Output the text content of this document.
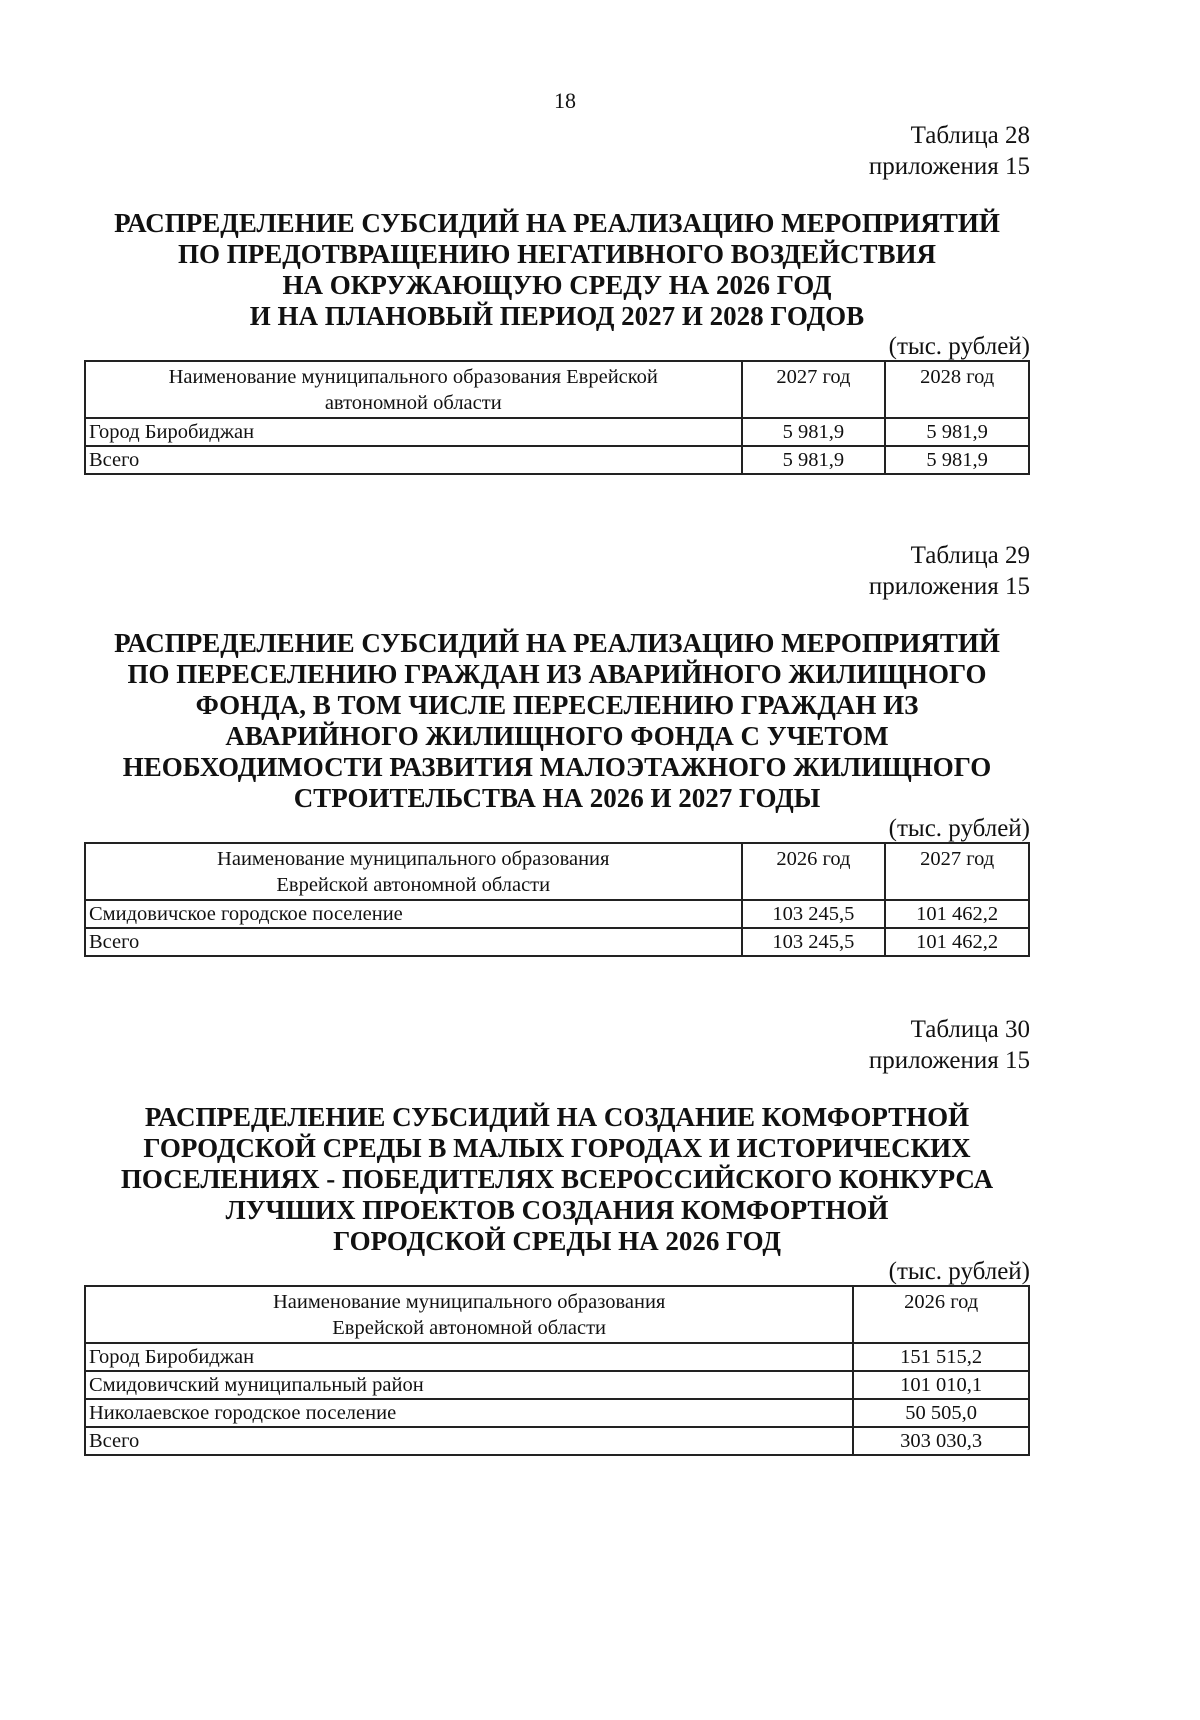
18
Таблица 28
приложения 15
РАСПРЕДЕЛЕНИЕ СУБСИДИЙ НА РЕАЛИЗАЦИЮ МЕРОПРИЯТИЙ
ПО ПРЕДОТВРАЩЕНИЮ НЕГАТИВНОГО ВОЗДЕЙСТВИЯ
НА ОКРУЖАЮЩУЮ СРЕДУ НА 2026 ГОД
И НА ПЛАНОВЫЙ ПЕРИОД 2027 И 2028 ГОДОВ
(тыс. рублей)
Наименование муниципального образования Еврейской
автономной области	2027 год	2028 год
Город Биробиджан	5 981,9	5 981,9
Всего	5 981,9	5 981,9
Таблица 29
приложения 15
РАСПРЕДЕЛЕНИЕ СУБСИДИЙ НА РЕАЛИЗАЦИЮ МЕРОПРИЯТИЙ
ПО ПЕРЕСЕЛЕНИЮ ГРАЖДАН ИЗ АВАРИЙНОГО ЖИЛИЩНОГО
ФОНДА, В ТОМ ЧИСЛЕ ПЕРЕСЕЛЕНИЮ ГРАЖДАН ИЗ
АВАРИЙНОГО ЖИЛИЩНОГО ФОНДА С УЧЕТОМ
НЕОБХОДИМОСТИ РАЗВИТИЯ МАЛОЭТАЖНОГО ЖИЛИЩНОГО
СТРОИТЕЛЬСТВА НА 2026 И 2027 ГОДЫ
(тыс. рублей)
Наименование муниципального образования
Еврейской автономной области	2026 год	2027 год
Смидовичское городское поселение	103 245,5	101 462,2
Всего	103 245,5	101 462,2
Таблица 30
приложения 15
РАСПРЕДЕЛЕНИЕ СУБСИДИЙ НА СОЗДАНИЕ КОМФОРТНОЙ
ГОРОДСКОЙ СРЕДЫ В МАЛЫХ ГОРОДАХ И ИСТОРИЧЕСКИХ
ПОСЕЛЕНИЯХ - ПОБЕДИТЕЛЯХ ВСЕРОССИЙСКОГО КОНКУРСА
ЛУЧШИХ ПРОЕКТОВ СОЗДАНИЯ КОМФОРТНОЙ
ГОРОДСКОЙ СРЕДЫ НА 2026 ГОД
(тыс. рублей)
Наименование муниципального образования
Еврейской автономной области	2026 год
Город Биробиджан	151 515,2
Смидовичский муниципальный район	101 010,1
Николаевское городское поселение	50 505,0
Всего	303 030,3
